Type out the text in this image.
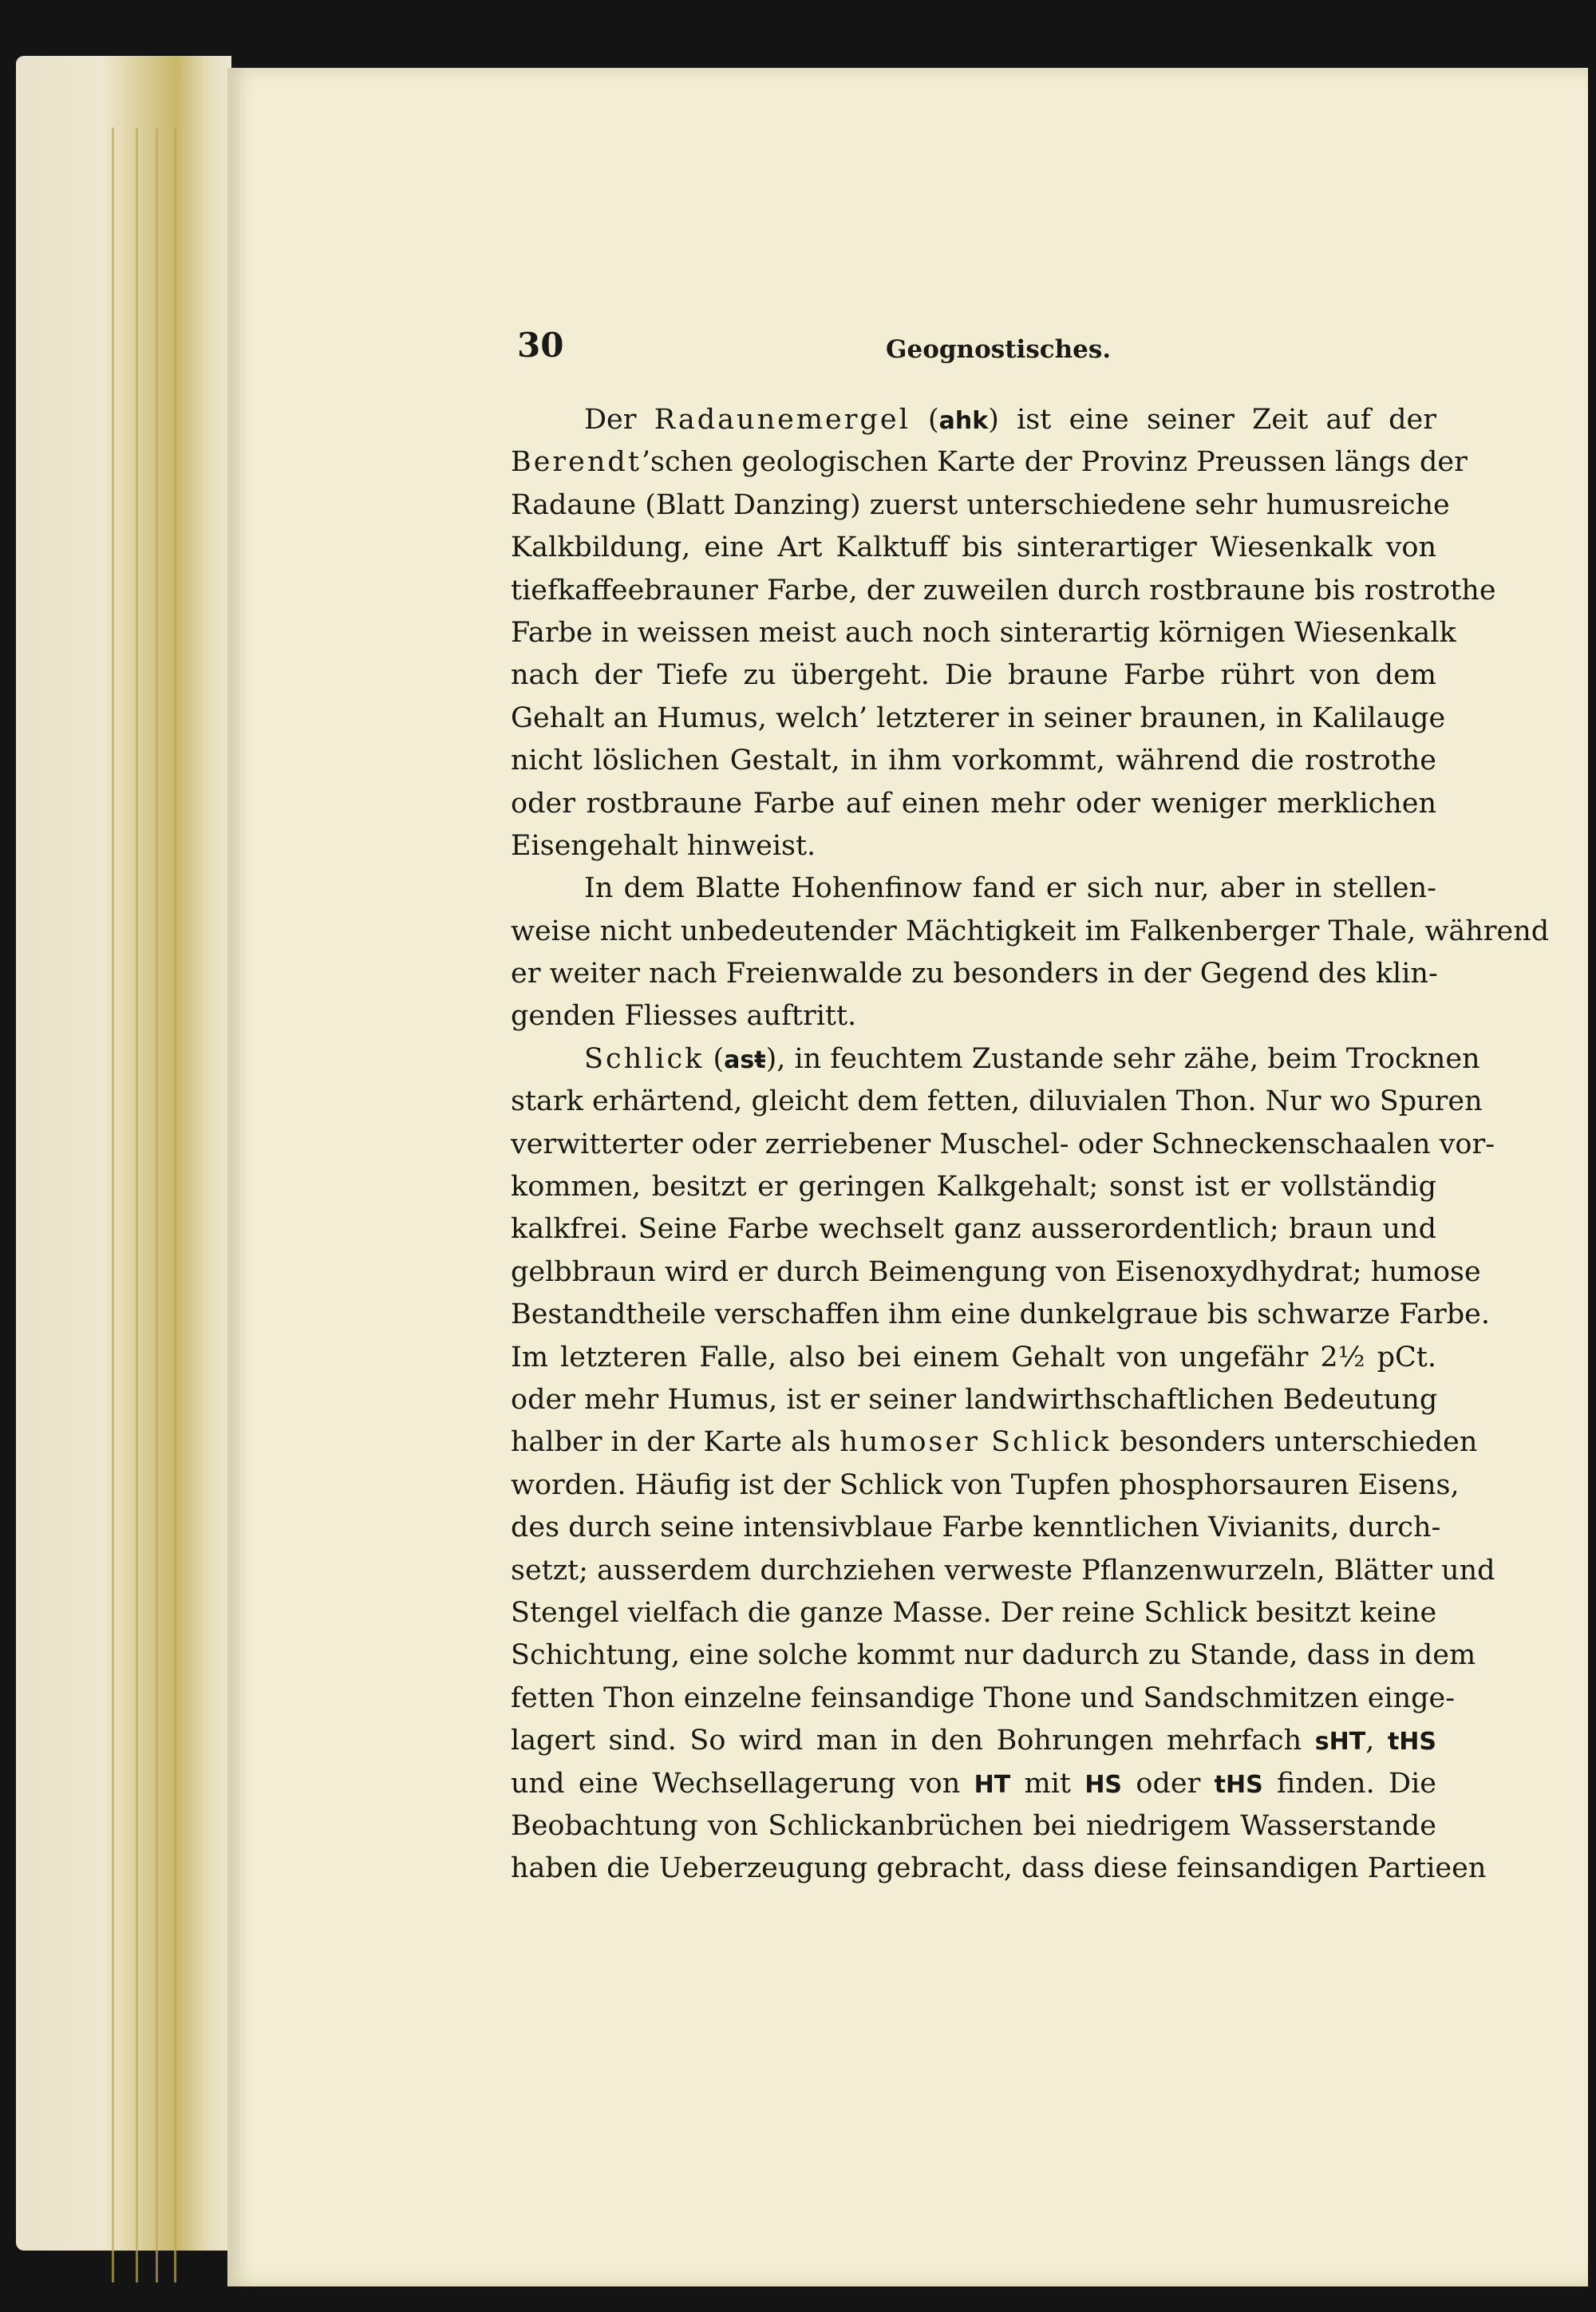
30	Geognostisches.
Der Radaunemergel (ahk) ist eine seiner Zeit auf der
Berendt’schen geologischen Karte der Provinz Preussen längs der
Radaune (Blatt Danzing) zuerst unterschiedene sehr humusreiche
Kalkbildung, eine Art Kalktuff bis sinterartiger Wiesenkalk von
tiefkaffeebrauner Farbe, der zuweilen durch rostbraune bis rostrothe
Farbe in weissen meist auch noch sinterartig körnigen Wiesenkalk
nach der Tiefe zu übergeht. Die braune Farbe rührt von dem
Gehalt an Humus, welch’ letzterer in seiner braunen, in Kalilauge
nicht löslichen Gestalt, in ihm vorkommt, während die rostrothe
oder rostbraune Farbe auf einen mehr oder weniger merklichen
Eisengehalt hinweist.
In dem Blatte Hohenfinow fand er sich nur, aber in stellen-
weise nicht unbedeutender Mächtigkeit im Falkenberger Thale, während
er weiter nach Freienwalde zu besonders in der Gegend des klin-
genden Fliesses auftritt.
Schlick (asŧ), in feuchtem Zustande sehr zähe, beim Trocknen
stark erhärtend, gleicht dem fetten, diluvialen Thon. Nur wo Spuren
verwitterter oder zerriebener Muschel- oder Schneckenschaalen vor-
kommen, besitzt er geringen Kalkgehalt; sonst ist er vollständig
kalkfrei. Seine Farbe wechselt ganz ausserordentlich; braun und
gelbbraun wird er durch Beimengung von Eisenoxydhydrat; humose
Bestandtheile verschaffen ihm eine dunkelgraue bis schwarze Farbe.
Im letzteren Falle, also bei einem Gehalt von ungefähr 2½ pCt.
oder mehr Humus, ist er seiner landwirthschaftlichen Bedeutung
halber in der Karte als humoser Schlick besonders unterschieden
worden. Häufig ist der Schlick von Tupfen phosphorsauren Eisens,
des durch seine intensivblaue Farbe kenntlichen Vivianits, durch-
setzt; ausserdem durchziehen verweste Pflanzenwurzeln, Blätter und
Stengel vielfach die ganze Masse. Der reine Schlick besitzt keine
Schichtung, eine solche kommt nur dadurch zu Stande, dass in dem
fetten Thon einzelne feinsandige Thone und Sandschmitzen einge-
lagert sind. So wird man in den Bohrungen mehrfach sHT, tHS
und eine Wechsellagerung von HT mit HS oder tHS finden. Die
Beobachtung von Schlickanbrüchen bei niedrigem Wasserstande
haben die Ueberzeugung gebracht, dass diese feinsandigen Partieen
